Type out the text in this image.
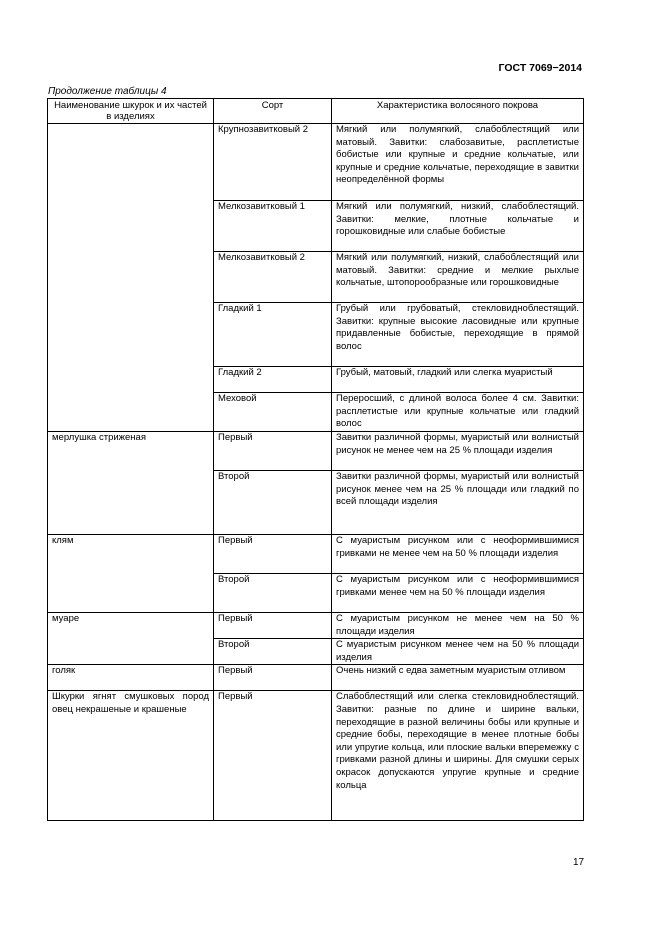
ГОСТ 7069−2014
Продолжение таблицы 4
Наименование шкурок и их частей в изделиях	Сорт	Характеристика волосяного покрова
	Крупнозавитковый 2	Мягкий или полумягкий, слабоблестящий или матовый. Завитки: слабозавитые, расплетистые бобистые или крупные и средние кольчатые, или крупные и средние кольчатые, переходящие в завитки неопределённой формы
	Мелкозавитковый 1	Мягкий или полумягкий, низкий, слабоблестящий. Завитки: мелкие, плотные кольчатые и горошковидные или слабые бобистые
	Мелкозавитковый 2	Мягкий или полумягкий, низкий, слабоблестящий или матовый. Завитки: средние и мелкие рыхлые кольчатые, штопорообразные или горошковидные
	Гладкий 1	Грубый или грубоватый, стекловидноблестящий. Завитки: крупные высокие ласовидные или крупные придавленные бобистые, переходящие в прямой волос
	Гладкий 2	Грубый, матовый, гладкий или слегка муаристый
	Меховой	Переросший, с длиной волоса более 4 см. Завитки: расплетистые или крупные кольчатые или гладкий волос
мерлушка стриженая	Первый	Завитки различной формы, муаристый или волнистый рисунок не менее чем на 25 % площади изделия
	Второй	Завитки различной формы, муаристый или волнистый рисунок менее чем на 25 % площади или гладкий по всей площади изделия
клям	Первый	С муаристым рисунком или с неоформившимися гривками не менее чем на 50 % площади изделия
	Второй	С муаристым рисунком или с неоформившимися гривками менее чем на 50 % площади изделия
муаре	Первый	С муаристым рисунком не менее чем на 50 % площади изделия
	Второй	С муаристым рисунком менее чем на 50 % площади изделия
голяк	Первый	Очень низкий с едва заметным муаристым отливом
Шкурки ягнят смушковых пород овец некрашеные и крашеные	Первый	Слабоблестящий или слегка стекловидноблестящий. Завитки: разные по длине и ширине вальки, переходящие в разной величины бобы или крупные и средние бобы, переходящие в менее плотные бобы или упругие кольца, или плоские вальки вперемежку с гривками разной длины и ширины. Для смушки серых окрасок допускаются упругие крупные и средние кольца
17
